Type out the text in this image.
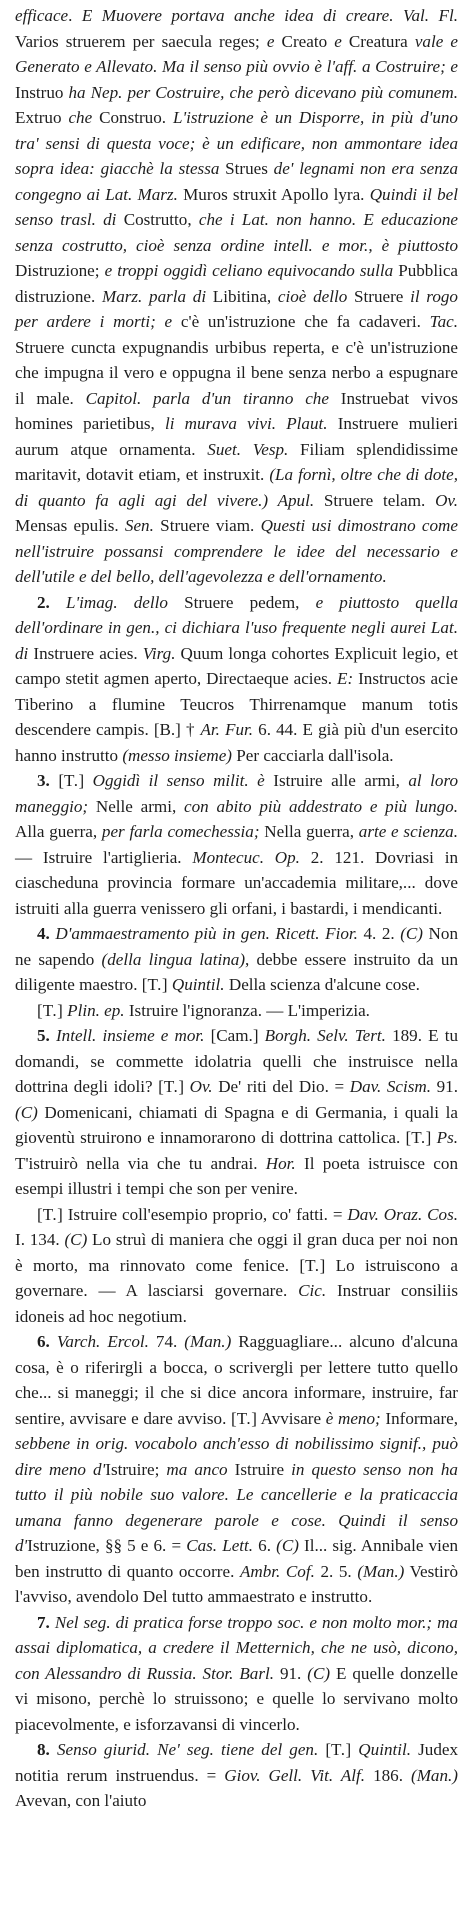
efficace. E Muovere portava anche idea di creare. Val. Fl. Varios struerem per saecula reges; e Creato e Creatura vale e Generato e Allevato. Ma il senso più ovvio è l'aff. a Costruire; e Instruo ha Nep. per Costruire, che però dicevano più comunem. Extruo che Construo. L'istruzione è un Disporre, in più d'uno tra' sensi di questa voce; è un edificare, non ammontare idea sopra idea: giacchè la stessa Strues de' legnami non era senza congegno ai Lat. Marz. Muros struxit Apollo lyra. Quindi il bel senso trasl. di Costrutto, che i Lat. non hanno. E educazione senza costrutto, cioè senza ordine intell. e mor., è piuttosto Distruzione; e troppi oggidì celiano equivocando sulla Pubblica distruzione. Marz. parla di Libitina, cioè dello Struere il rogo per ardere i morti; e c'è un'istruzione che fa cadaveri. Tac. Struere cuncta expugnandis urbibus reperta, e c'è un'istruzione che impugna il vero e oppugna il bene senza nerbo a espugnare il male. Capitol. parla d'un tiranno che Instruebat vivos homines parietibus, li murava vivi. Plaut. Instruere mulieri aurum atque ornamenta. Suet. Vesp. Filiam splendidissime maritavit, dotavit etiam, et instruxit. (La fornì, oltre che di dote, di quanto fa agli agi del vivere.) Apul. Struere telam. Ov. Mensas epulis. Sen. Struere viam. Questi usi dimostrano come nell'istruire possansi comprendere le idee del necessario e dell'utile e del bello, dell'agevolezza e dell'ornamento.

2. L'imag. dello Struere pedem, e piuttosto quella dell'ordinare in gen., ci dichiara l'uso frequente negli aurei Lat. di Instruere acies. Virg. Quum longa cohortes Explicuit legio, et campo stetit agmen aperto, Directaeque acies. E: Instructos acie Tiberino a flumine Teucros Thirrenamque manum totis descendere campis. [B.] † Ar. Fur. 6. 44. E già più d'un esercito hanno instrutto (messo insieme) Per cacciarla dall'isola.

3. [T.] Oggidì il senso milit. è Istruire alle armi, al loro maneggio; Nelle armi, con abito più addestrato e più lungo. Alla guerra, per farla comechessia; Nella guerra, arte e scienza. — Istruire l'artiglieria. Montecuc. Op. 2. 121. Dovriasi in ciascheduna provincia formare un'accademia militare,... dove istruiti alla guerra venissero gli orfani, i bastardi, i mendicanti.

4. D'ammaestramento più in gen. Ricett. Fior. 4. 2. (C) Non ne sapendo (della lingua latina), debbe essere instruito da un diligente maestro. [T.] Quintil. Della scienza d'alcune cose.

[T.] Plin. ep. Istruire l'ignoranza. — L'imperizia.

5. Intell. insieme e mor. [Cam.] Borgh. Selv. Tert. 189. E tu domandi, se commette idolatria quelli che instruisce nella dottrina degli idoli? [T.] Ov. De' riti del Dio. = Dav. Scism. 91. (C) Domenicani, chiamati di Spagna e di Germania, i quali la gioventù struirono e innamorarono di dottrina cattolica. [T.] Ps. T'istruirò nella via che tu andrai. Hor. Il poeta istruisce con esempi illustri i tempi che son per venire.

[T.] Istruire coll'esempio proprio, co' fatti. = Dav. Oraz. Cos. I. 134. (C) Lo struì di maniera che oggi il gran duca per noi non è morto, ma rinnovato come fenice. [T.] Lo istruiscono a governare. — A lasciarsi governare. Cic. Instruar consiliis idoneis ad hoc negotium.

6. Varch. Ercol. 74. (Man.) Ragguagliare... alcuno d'alcuna cosa, è o riferirgli a bocca, o scrivergli per lettere tutto quello che... si maneggi; il che si dice ancora informare, instruire, far sentire, avvisare e dare avviso. [T.] Avvisare è meno; Informare, sebbene in orig. vocabolo anch'esso di nobilissimo signif., può dire meno d'Istruire; ma anco Istruire in questo senso non ha tutto il più nobile suo valore. Le cancellerie e la praticaccia umana fanno degenerare parole e cose. Quindi il senso d'Istruzione, §§ 5 e 6. = Cas. Lett. 6. (C) Il... sig. Annibale vien ben instrutto di quanto occorre. Ambr. Cof. 2. 5. (Man.) Vestirò l'avviso, avendolo Del tutto ammaestrato e instrutto.

7. Nel seg. di pratica forse troppo soc. e non molto mor.; ma assai diplomatica, a credere il Metternich, che ne usò, dicono, con Alessandro di Russia. Stor. Barl. 91. (C) E quelle donzelle vi misono, perchè lo struissono; e quelle lo servivano molto piacevolmente, e isforzavansi di vincerlo.

8. Senso giurid. Ne' seg. tiene del gen. [T.] Quintil. Judex notitia rerum instruendus. = Giov. Gell. Vit. Alf. 186. (Man.) Avevan, con l'aiuto
